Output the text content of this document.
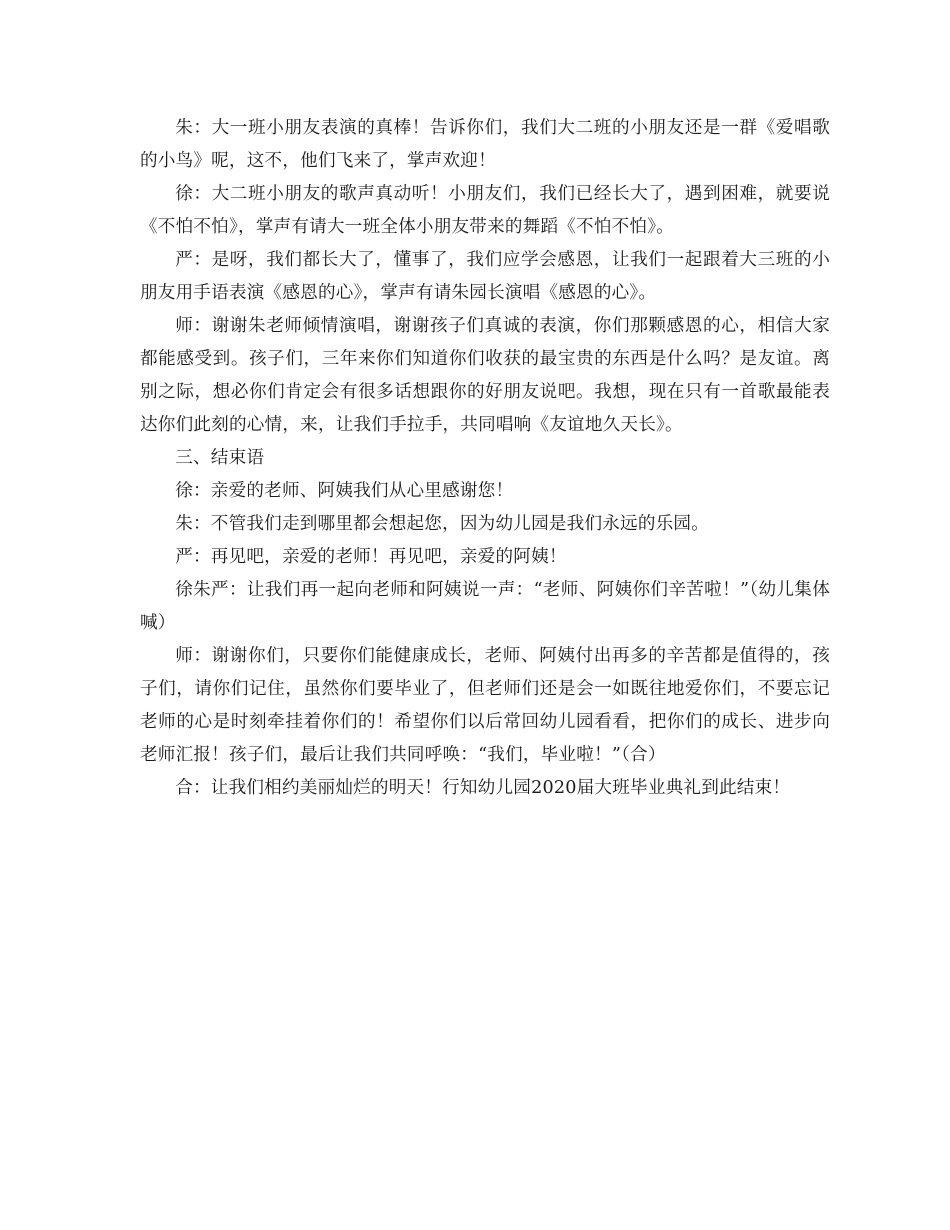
朱：大一班小朋友表演的真棒！告诉你们，我们大二班的小朋友还是一群《爱唱歌的小鸟》呢，这不，他们飞来了，掌声欢迎！

徐：大二班小朋友的歌声真动听！小朋友们，我们已经长大了，遇到困难，就要说《不怕不怕》，掌声有请大一班全体小朋友带来的舞蹈《不怕不怕》。

严：是呀，我们都长大了，懂事了，我们应学会感恩，让我们一起跟着大三班的小朋友用手语表演《感恩的心》，掌声有请朱园长演唱《感恩的心》。

师：谢谢朱老师倾情演唱，谢谢孩子们真诚的表演，你们那颗感恩的心，相信大家都能感受到。孩子们，三年来你们知道你们收获的最宝贵的东西是什么吗？是友谊。离别之际，想必你们肯定会有很多话想跟你的好朋友说吧。我想，现在只有一首歌最能表达你们此刻的心情，来，让我们手拉手，共同唱响《友谊地久天长》。

三、结束语

徐：亲爱的老师、阿姨我们从心里感谢您！

朱：不管我们走到哪里都会想起您，因为幼儿园是我们永远的乐园。

严：再见吧，亲爱的老师！再见吧，亲爱的阿姨！

徐朱严：让我们再一起向老师和阿姨说一声：“老师、阿姨你们辛苦啦！”（幼儿集体喊）

师：谢谢你们，只要你们能健康成长，老师、阿姨付出再多的辛苦都是值得的，孩子们，请你们记住，虽然你们要毕业了，但老师们还是会一如既往地爱你们，不要忘记老师的心是时刻牵挂着你们的！希望你们以后常回幼儿园看看，把你们的成长、进步向老师汇报！孩子们，最后让我们共同呼唤：“我们，毕业啦！”（合）

合：让我们相约美丽灿烂的明天！行知幼儿园2020届大班毕业典礼到此结束！
